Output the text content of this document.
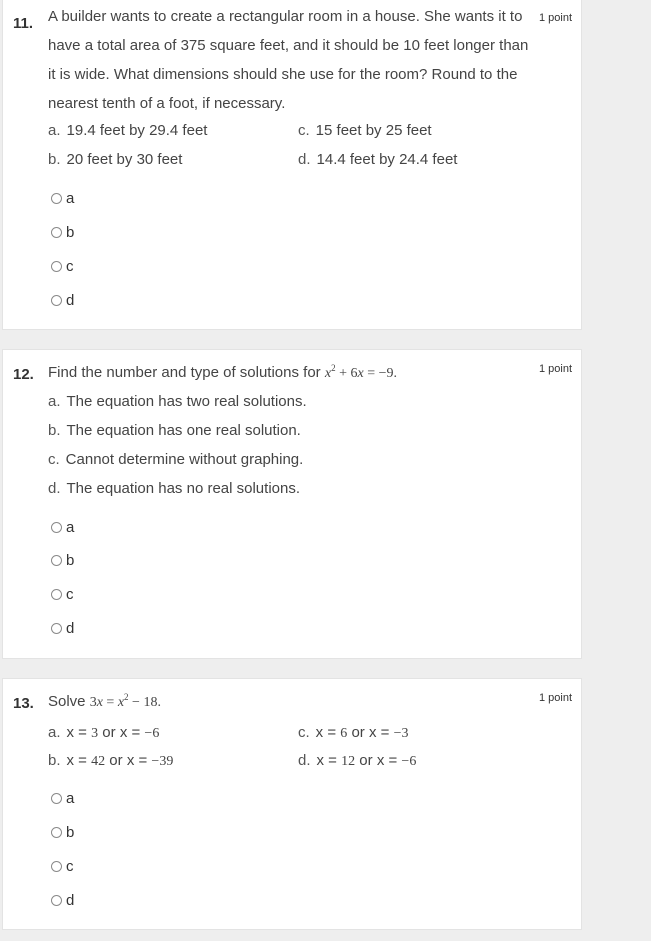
11.	1 point
A builder wants to create a rectangular room in a house. She wants it to have a total area of 375 square feet, and it should be 10 feet longer than it is wide. What dimensions should she use for the room? Round to the nearest tenth of a foot, if necessary.
a. 19.4 feet by 29.4 feet
b. 20 feet by 30 feet
c. 15 feet by 25 feet
d. 14.4 feet by 24.4 feet
a
b
c
d
12.	1 point
Find the number and type of solutions for $x^2 + 6x = -9$.
a. The equation has two real solutions.
b. The equation has one real solution.
c. Cannot determine without graphing.
d. The equation has no real solutions.
a
b
c
d
13.	1 point
Solve $3x = x^2 - 18$.
a. x = 3 or x = −6
b. x = 42 or x = −39
c. x = 6 or x = −3
d. x = 12 or x = −6
a
b
c
d
